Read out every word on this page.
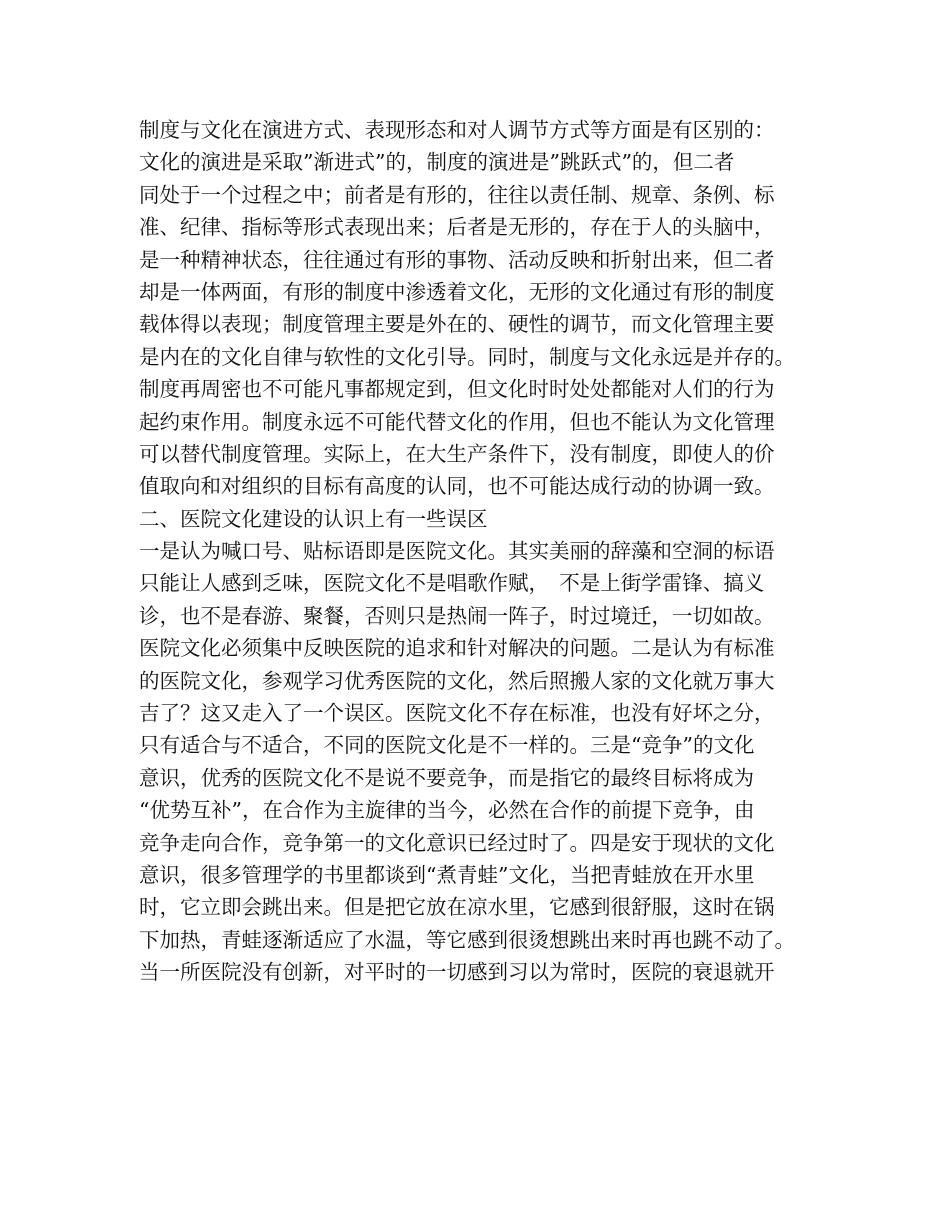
制度与文化在演进方式、表现形态和对人调节方式等方面是有区别的：
文化的演进是采取”渐进式”的，制度的演进是”跳跃式”的，但二者
同处于一个过程之中；前者是有形的，往往以责任制、规章、条例、标
准、纪律、指标等形式表现出来；后者是无形的，存在于人的头脑中，
是一种精神状态，往往通过有形的事物、活动反映和折射出来，但二者
却是一体两面，有形的制度中渗透着文化，无形的文化通过有形的制度
载体得以表现；制度管理主要是外在的、硬性的调节，而文化管理主要
是内在的文化自律与软性的文化引导。同时，制度与文化永远是并存的。
制度再周密也不可能凡事都规定到，但文化时时处处都能对人们的行为
起约束作用。制度永远不可能代替文化的作用，但也不能认为文化管理
可以替代制度管理。实际上，在大生产条件下，没有制度，即使人的价
值取向和对组织的目标有高度的认同，也不可能达成行动的协调一致。
二、医院文化建设的认识上有一些误区
一是认为喊口号、贴标语即是医院文化。其实美丽的辞藻和空洞的标语
只能让人感到乏味，医院文化不是唱歌作赋，　不是上街学雷锋、搞义
诊，也不是春游、聚餐，否则只是热闹一阵子，时过境迁，一切如故。
医院文化必须集中反映医院的追求和针对解决的问题。二是认为有标准
的医院文化，参观学习优秀医院的文化，然后照搬人家的文化就万事大
吉了？这又走入了一个误区。医院文化不存在标准，也没有好坏之分，
只有适合与不适合，不同的医院文化是不一样的。三是“竞争”的文化
意识，优秀的医院文化不是说不要竞争，而是指它的最终目标将成为
“优势互补”，在合作为主旋律的当今，必然在合作的前提下竞争，由
竞争走向合作，竞争第一的文化意识已经过时了。四是安于现状的文化
意识，很多管理学的书里都谈到“煮青蛙”文化，当把青蛙放在开水里
时，它立即会跳出来。但是把它放在凉水里，它感到很舒服，这时在锅
下加热，青蛙逐渐适应了水温，等它感到很烫想跳出来时再也跳不动了。
当一所医院没有创新，对平时的一切感到习以为常时，医院的衰退就开
